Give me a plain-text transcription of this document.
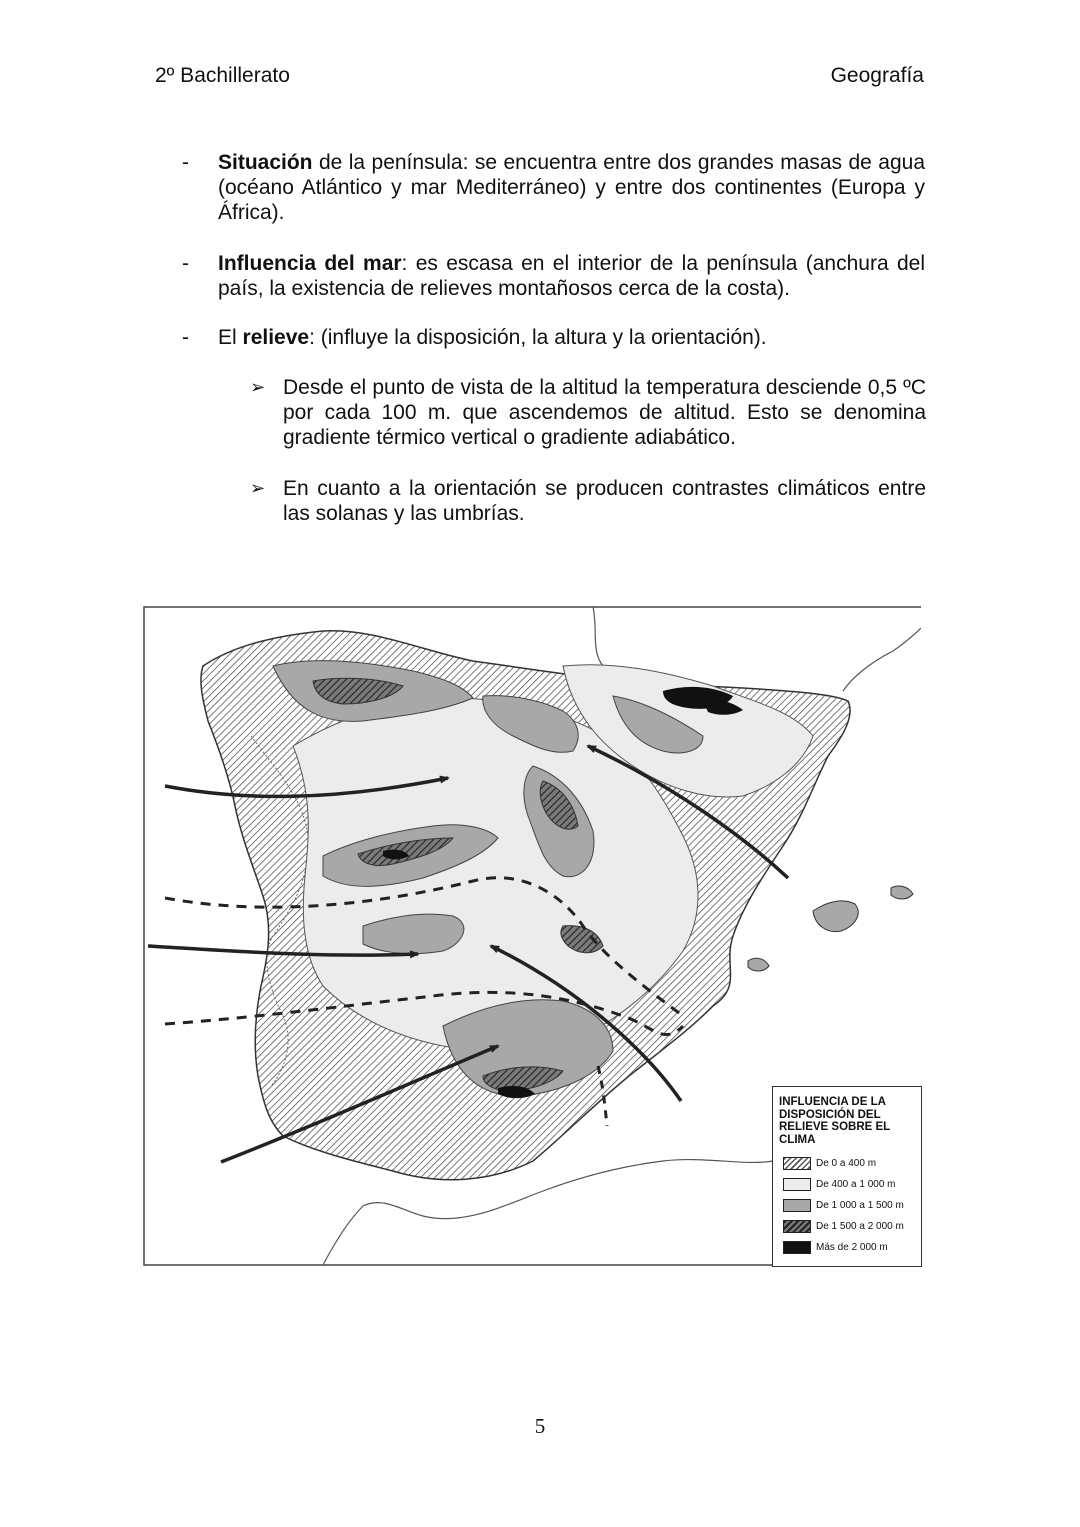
2º Bachillerato	Geografía
- Situación de la península: se encuentra entre dos grandes masas de agua (océano Atlántico y mar Mediterráneo) y entre dos continentes (Europa y África).
- Influencia del mar: es escasa en el interior de la península (anchura del país, la existencia de relieves montañosos cerca de la costa).
- El relieve: (influye la disposición, la altura y la orientación).
➢ Desde el punto de vista de la altitud la temperatura desciende 0,5 ºC por cada 100 m. que ascendemos de altitud. Esto se denomina gradiente térmico vertical o gradiente adiabático.
➢ En cuanto a la orientación se producen contrastes climáticos entre las solanas y las umbrías.
INFLUENCIA DE LA DISPOSICIÓN DEL RELIEVE SOBRE EL CLIMA
De 0 a 400 m
De 400 a 1 000 m
De 1 000 a 1 500 m
De 1 500 a 2 000 m
Más de 2 000 m
5
